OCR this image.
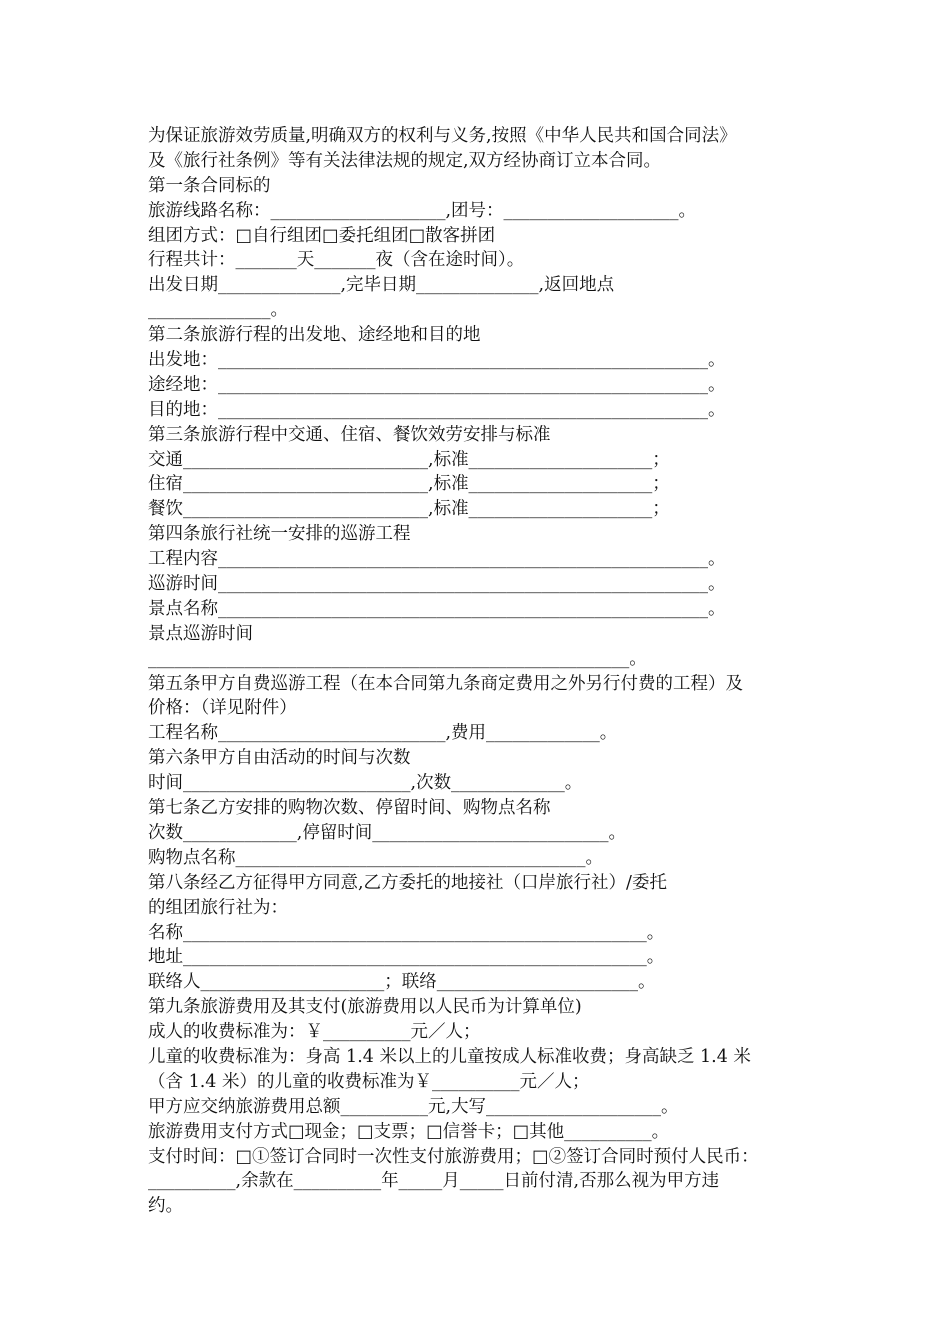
为保证旅游效劳质量,明确双方的权利与义务,按照《中华人民共和国合同法》
及《旅行社条例》等有关法律法规的规定,双方经协商订立本合同。
第一条合同标的
旅游线路名称：____________________,团号：____________________。
组团方式：□自行组团□委托组团□散客拼团
行程共计：_______天_______夜（含在途时间）。
出发日期______________,完毕日期______________,返回地点
______________。
第二条旅游行程的出发地、途经地和目的地
出发地：________________________________________________________。
途经地：________________________________________________________。
目的地：________________________________________________________。
第三条旅游行程中交通、住宿、餐饮效劳安排与标准
交通____________________________,标准_____________________；
住宿____________________________,标准_____________________；
餐饮____________________________,标准_____________________；
第四条旅行社统一安排的巡游工程
工程内容________________________________________________________。
巡游时间________________________________________________________。
景点名称________________________________________________________。
景点巡游时间
_______________________________________________________。
第五条甲方自费巡游工程（在本合同第九条商定费用之外另行付费的工程）及
价格：（详见附件）
工程名称__________________________,费用_____________。
第六条甲方自由活动的时间与次数
时间__________________________,次数_____________。
第七条乙方安排的购物次数、停留时间、购物点名称
次数_____________,停留时间___________________________。
购物点名称________________________________________。
第八条经乙方征得甲方同意,乙方委托的地接社（口岸旅行社）/委托
的组团旅行社为：
名称_____________________________________________________。
地址_____________________________________________________。
联络人_____________________；联络_______________________。
第九条旅游费用及其支付(旅游费用以人民币为计算单位)
成人的收费标准为：￥__________元／人；
儿童的收费标准为：身高 1.4 米以上的儿童按成人标准收费；身高缺乏 1.4 米
（含 1.4 米）的儿童的收费标准为￥__________元／人；
甲方应交纳旅游费用总额__________元,大写____________________。
旅游费用支付方式□现金；□支票；□信誉卡；□其他__________。
支付时间：□①签订合同时一次性支付旅游费用；□②签订合同时预付人民币：
__________,余款在__________年_____月_____日前付清,否那么视为甲方违
约。
